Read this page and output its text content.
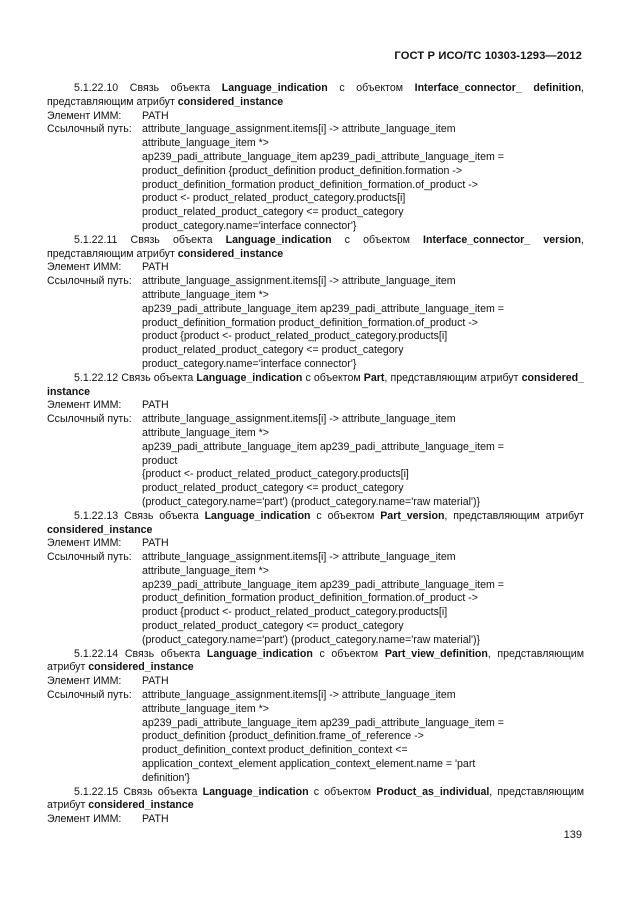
ГОСТ Р ИСО/ТС 10303-1293—2012
5.1.22.10 Связь объекта Language_indication с объектом Interface_connector_ definition, представляющим атрибут considered_instance
Элемент ИММ:	PATH
Ссылочный путь: attribute_language_assignment.items[i] -> attribute_language_item
attribute_language_item *>
ap239_padi_attribute_language_item ap239_padi_attribute_language_item =
product_definition {product_definition product_definition.formation ->
product_definition_formation product_definition_formation.of_product ->
product <- product_related_product_category.products[i]
product_related_product_category <= product_category
product_category.name='interface connector'}
5.1.22.11 Связь объекта Language_indication с объектом Interface_connector_ version, представляющим атрибут considered_instance
Элемент ИММ:	PATH
Ссылочный путь: attribute_language_assignment.items[i] -> attribute_language_item
attribute_language_item *>
ap239_padi_attribute_language_item ap239_padi_attribute_language_item =
product_definition_formation product_definition_formation.of_product ->
product {product <- product_related_product_category.products[i]
product_related_product_category <= product_category
product_category.name='interface connector'}
5.1.22.12 Связь объекта Language_indication с объектом Part, представляющим атрибут considered_ instance
Элемент ИММ:	PATH
Ссылочный путь: attribute_language_assignment.items[i] -> attribute_language_item
attribute_language_item *>
ap239_padi_attribute_language_item ap239_padi_attribute_language_item =
product
{product <- product_related_product_category.products[i]
product_related_product_category <= product_category
(product_category.name='part') (product_category.name='raw material')}
5.1.22.13 Связь объекта Language_indication с объектом Part_version, представляющим атрибут considered_instance
Элемент ИММ:	PATH
Ссылочный путь: attribute_language_assignment.items[i] -> attribute_language_item
attribute_language_item *>
ap239_padi_attribute_language_item ap239_padi_attribute_language_item =
product_definition_formation product_definition_formation.of_product ->
product {product <- product_related_product_category.products[i]
product_related_product_category <= product_category
(product_category.name='part') (product_category.name='raw material')}
5.1.22.14 Связь объекта Language_indication с объектом Part_view_definition, представляющим атрибут considered_instance
Элемент ИММ:	PATH
Ссылочный путь: attribute_language_assignment.items[i] -> attribute_language_item
attribute_language_item *>
ap239_padi_attribute_language_item ap239_padi_attribute_language_item =
product_definition {product_definition.frame_of_reference ->
product_definition_context product_definition_context <=
application_context_element application_context_element.name = 'part
definition'}
5.1.22.15 Связь объекта Language_indication с объектом Product_as_individual, представляющим атрибут considered_instance
Элемент ИММ:	PATH
139
